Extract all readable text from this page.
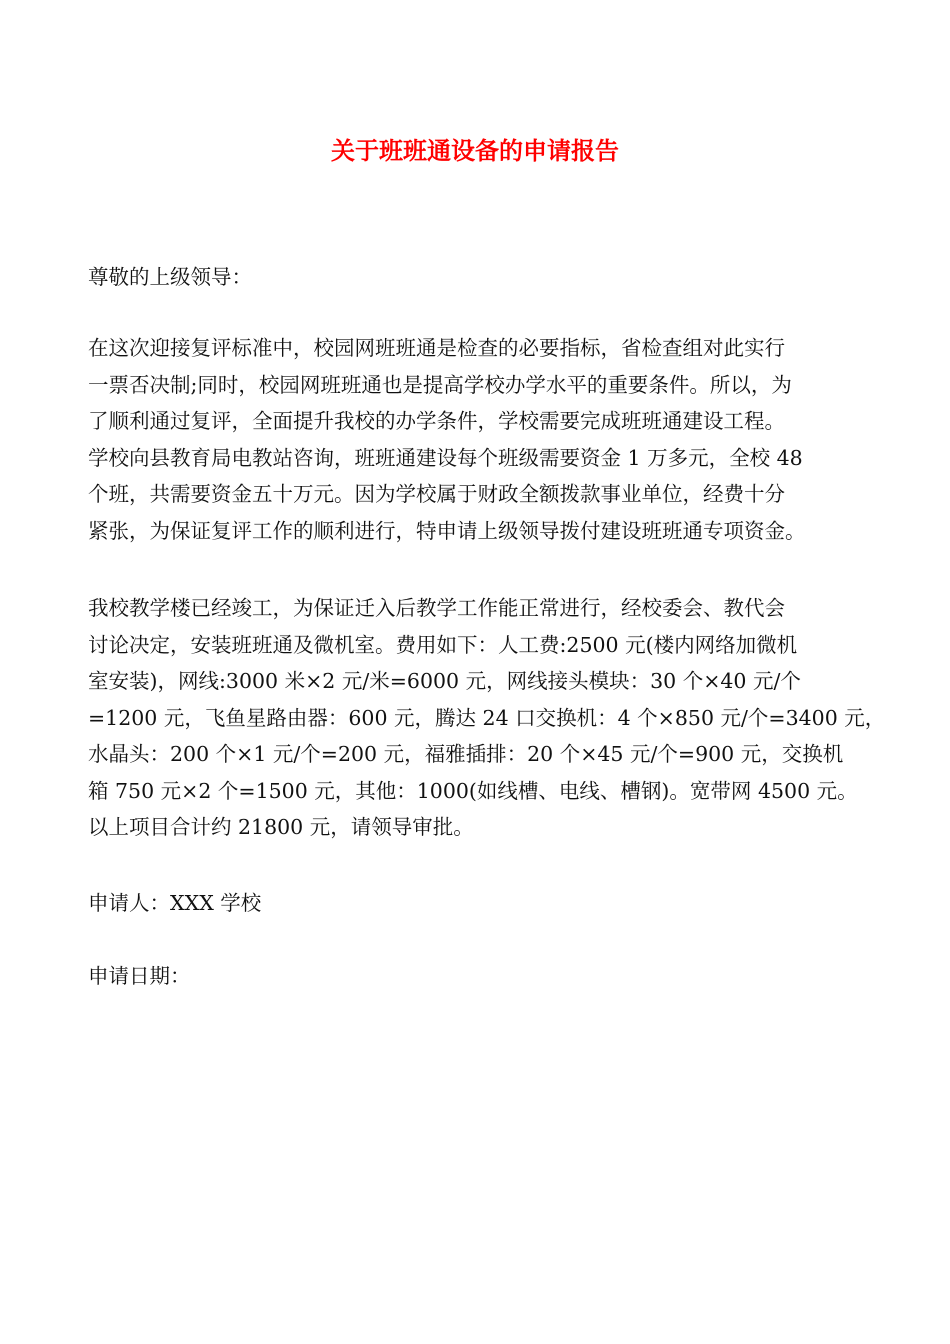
关于班班通设备的申请报告

尊敬的上级领导：

在这次迎接复评标准中，校园网班班通是检查的必要指标，省检查组对此实行
一票否决制;同时，校园网班班通也是提高学校办学水平的重要条件。所以，为
了顺利通过复评，全面提升我校的办学条件，学校需要完成班班通建设工程。
学校向县教育局电教站咨询，班班通建设每个班级需要资金 1 万多元，全校 48
个班，共需要资金五十万元。因为学校属于财政全额拨款事业单位，经费十分
紧张，为保证复评工作的顺利进行，特申请上级领导拨付建设班班通专项资金。
我校教学楼已经竣工，为保证迁入后教学工作能正常进行，经校委会、教代会
讨论决定，安装班班通及微机室。费用如下：人工费:2500 元(楼内网络加微机
室安装)，网线:3000 米×2 元/米=6000 元，网线接头模块：30 个×40 元/个
=1200 元，飞鱼星路由器：600 元，腾达 24 口交换机：4 个×850 元/个=3400 元，
水晶头：200 个×1 元/个=200 元，福雅插排：20 个×45 元/个=900 元，交换机
箱 750 元×2 个=1500 元，其他：1000(如线槽、电线、槽钢)。宽带网 4500 元。
以上项目合计约 21800 元，请领导审批。

申请人：XXX 学校

申请日期：
